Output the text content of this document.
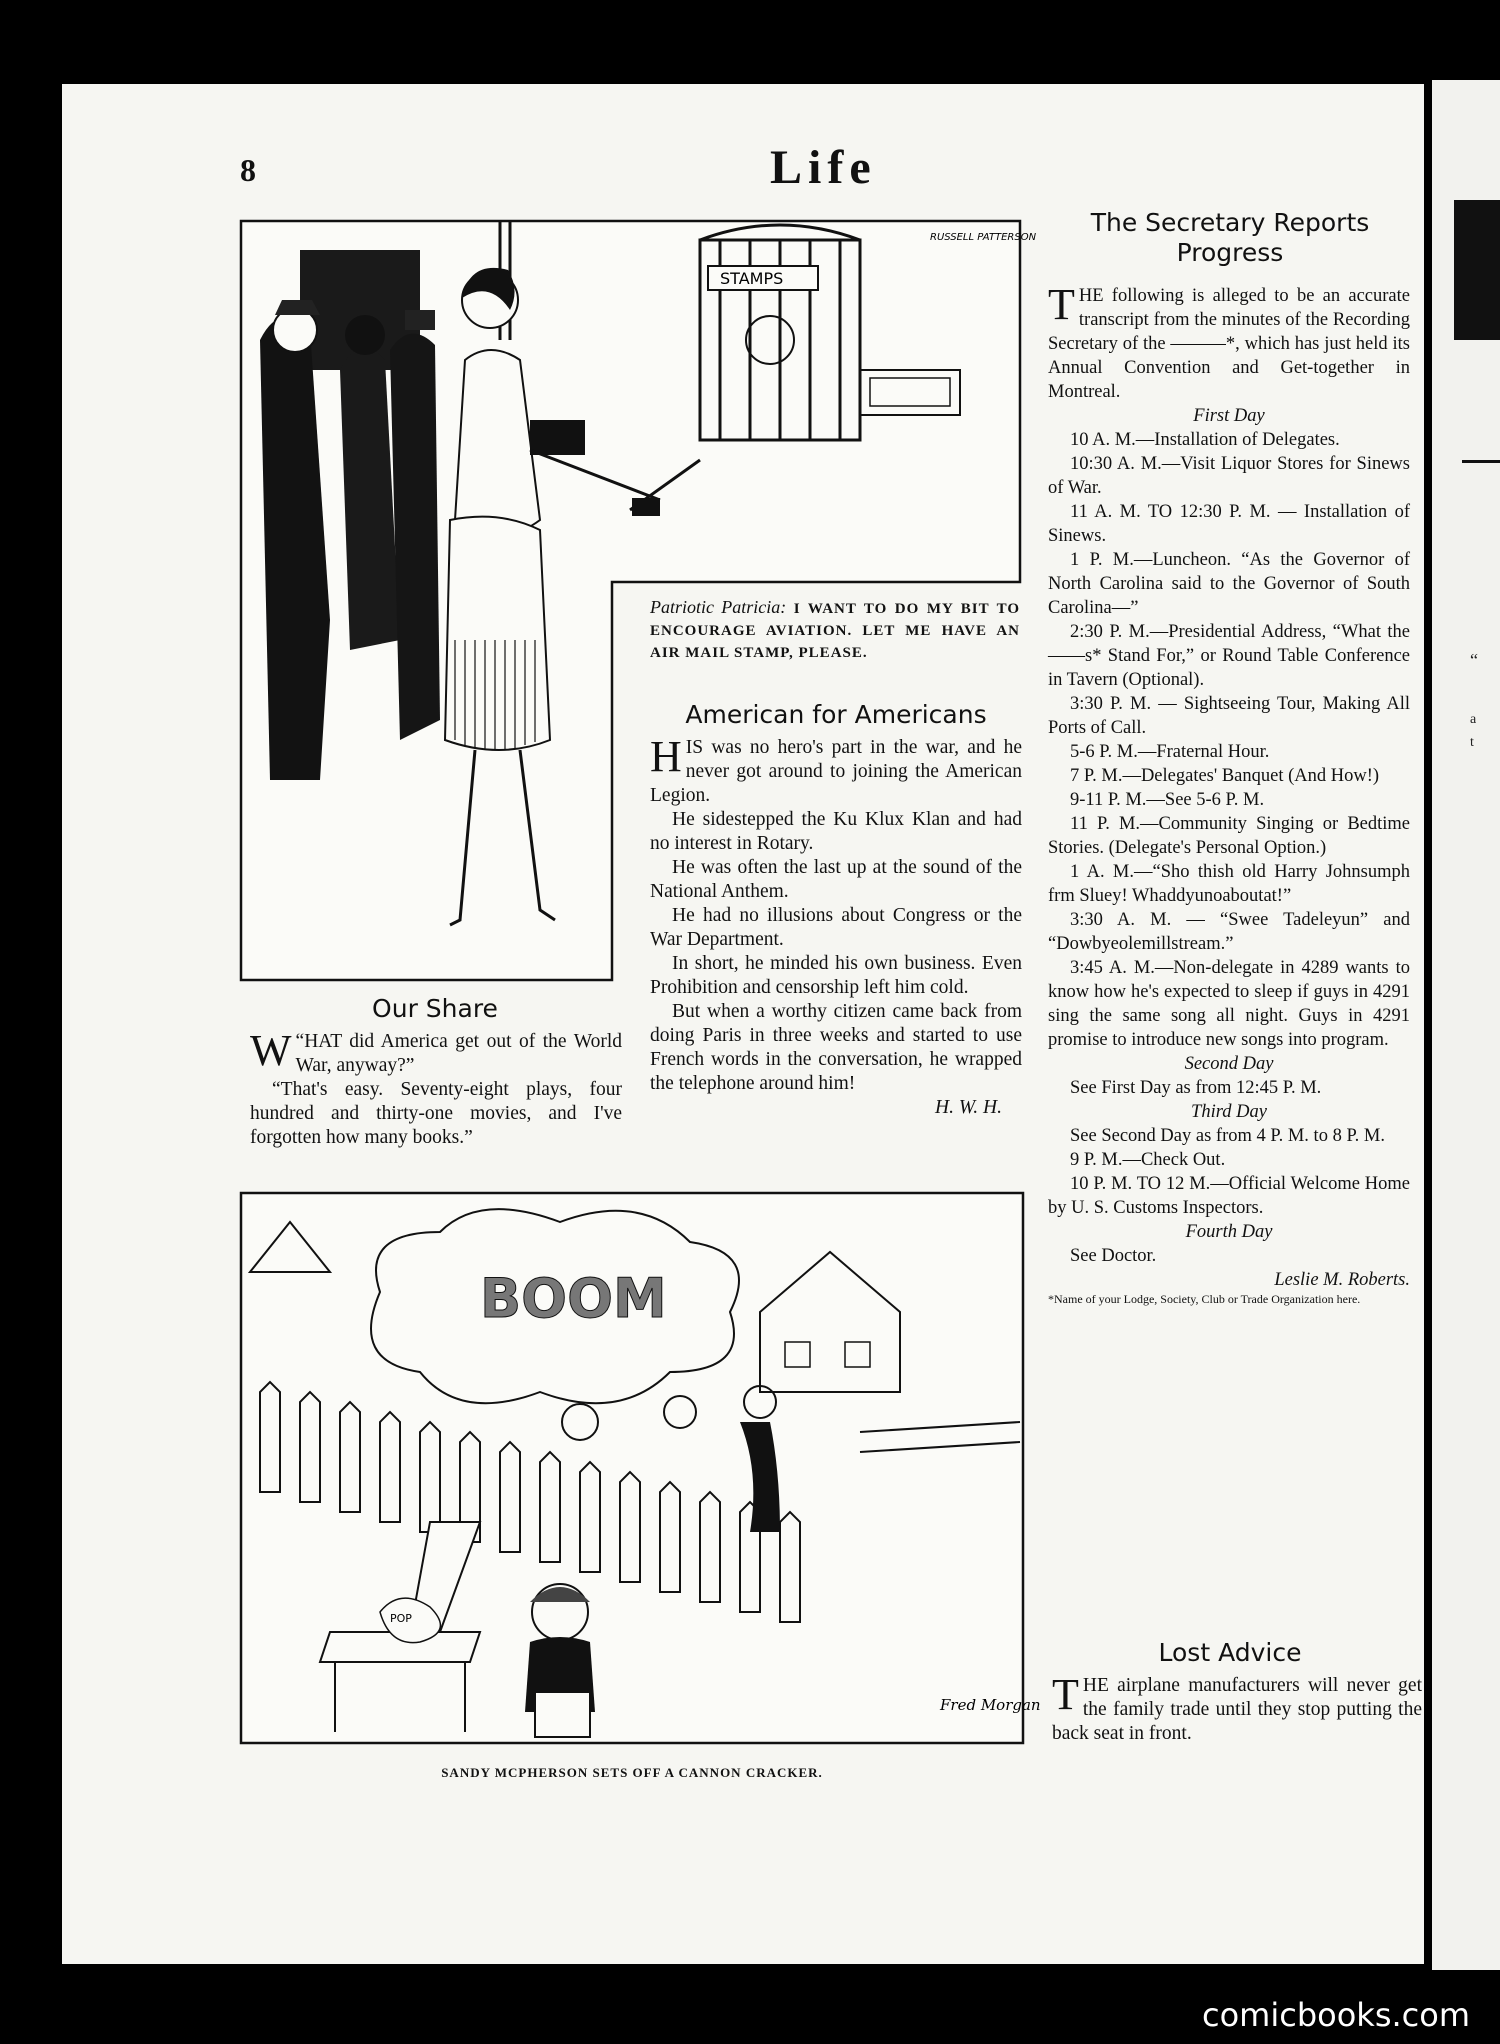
“
a
t
8	Life
STAMPS
RUSSELL PATTERSON
Patriotic Patricia: I WANT TO DO MY BIT TO ENCOURAGE AVIATION. LET ME HAVE AN AIR MAIL STAMP, PLEASE.
American for Americans

HIS was no hero's part in the war, and he never got around to joining the American Legion.

He sidestepped the Ku Klux Klan and had no interest in Rotary.

He was often the last up at the sound of the National Anthem.

He had no illusions about Congress or the War Department.

In short, he minded his own business. Even Prohibition and censorship left him cold.

But when a worthy citizen came back from doing Paris in three weeks and started to use French words in the conversation, he wrapped the telephone around him!

H. W. H.
Our Share

“
W HAT did America get out of the World War, anyway?”

“That's easy. Seventy-eight plays, four hundred and thirty-one movies, and I've forgotten how many books.”

BOOM
POP
Fred Morgan
SANDY MCPHERSON SETS OFF A CANNON CRACKER.
The Secretary Reports
Progress

THE following is alleged to be an accurate transcript from the minutes of the Recording Secretary of the ———*, which has just held its Annual Convention and Get-together in Montreal.

First Day

10 A. M.—Installation of Delegates.

10:30 A. M.—Visit Liquor Stores for Sinews of War.

11 A. M. TO 12:30 P. M. — Installation of Sinews.

1 P. M.—Luncheon. “As the Governor of North Carolina said to the Governor of South Carolina—”

2:30 P. M.—Presidential Address, “What the ——s* Stand For,” or Round Table Conference in Tavern (Optional).

3:30 P. M. — Sightseeing Tour, Making All Ports of Call.

5-6 P. M.—Fraternal Hour.

7 P. M.—Delegates' Banquet (And How!)

9-11 P. M.—See 5-6 P. M.

11 P. M.—Community Singing or Bedtime Stories. (Delegate's Personal Option.)

1 A. M.—“Sho thish old Harry Johnsumph frm Sluey! Whaddyunoaboutat!”

3:30 A. M. — “Swee Tadeleyun” and “Dowbyeolemillstream.”

3:45 A. M.—Non-delegate in 4289 wants to know how he's expected to sleep if guys in 4291 sing the same song all night. Guys in 4291 promise to introduce new songs into program.

Second Day

See First Day as from 12:45 P. M.

Third Day

See Second Day as from 4 P. M. to 8 P. M.

9 P. M.—Check Out.

10 P. M. TO 12 M.—Official Welcome Home by U. S. Customs Inspectors.

Fourth Day

See Doctor.

Leslie M. Roberts.
*Name of your Lodge, Society, Club or Trade Organization here.
Lost Advice

THE airplane manufacturers will never get the family trade until they stop putting the back seat in front.

comicbooks.com
